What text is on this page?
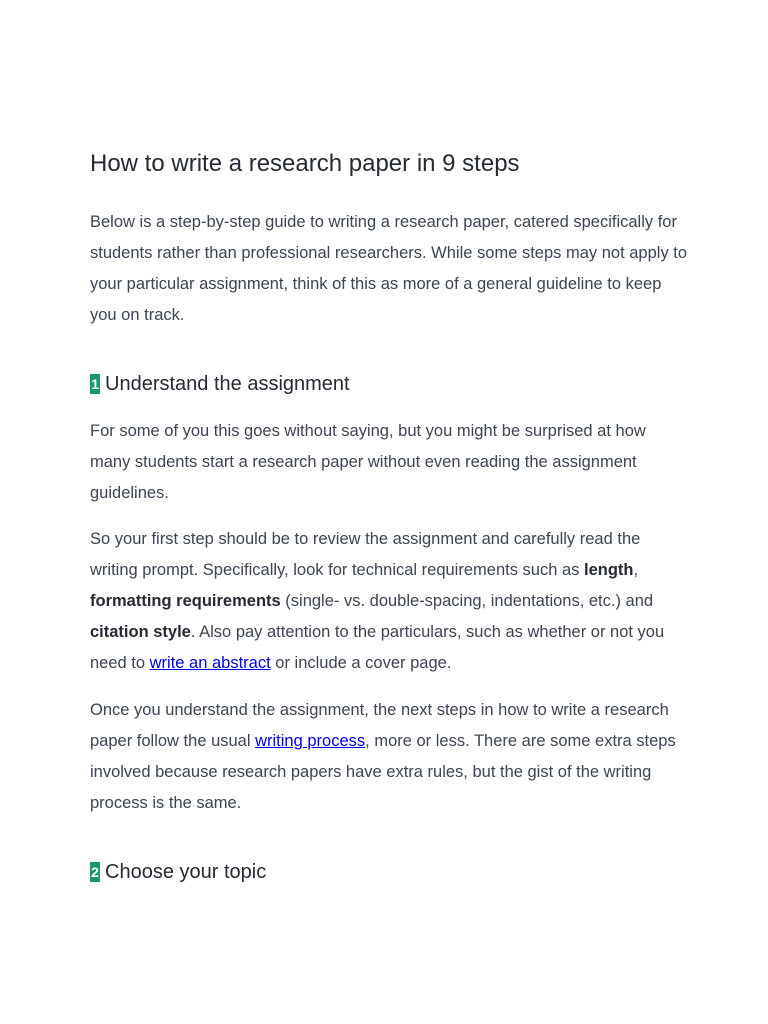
How to write a research paper in 9 steps

Below is a step-by-step guide to writing a research paper, catered specifically for students rather than professional researchers. While some steps may not apply to your particular assignment, think of this as more of a general guideline to keep you on track.

1 Understand the assignment

For some of you this goes without saying, but you might be surprised at how many students start a research paper without even reading the assignment guidelines.

So your first step should be to review the assignment and carefully read the writing prompt. Specifically, look for technical requirements such as length, formatting requirements (single- vs. double-spacing, indentations, etc.) and citation style. Also pay attention to the particulars, such as whether or not you need to write an abstract or include a cover page.

Once you understand the assignment, the next steps in how to write a research paper follow the usual writing process, more or less. There are some extra steps involved because research papers have extra rules, but the gist of the writing process is the same.

2 Choose your topic
